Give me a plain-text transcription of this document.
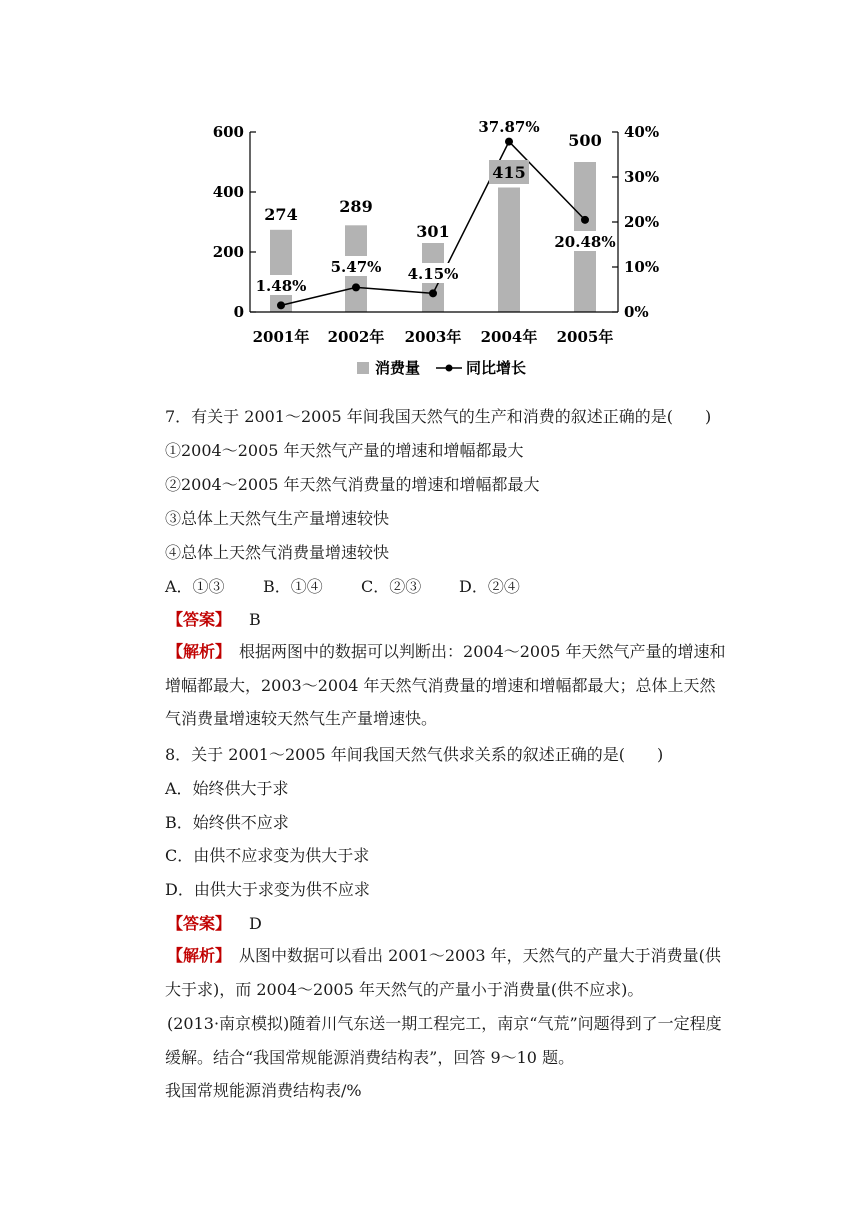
0
200
400
600
0%
10%
20%
30%
40%
2001年 2002年 2003年 2004年 2005年
274	289
301
415
500
1.48%
5.47% 4.15%
37.87%
20.48%
消费量	同比增长
7．有关于 2001～2005 年间我国天然气的生产和消费的叙述正确的是(　　)
①2004～2005 年天然气产量的增速和增幅都最大
②2004～2005 年天然气消费量的增速和增幅都最大
③总体上天然气生产量增速较快
④总体上天然气消费量增速较快
A．①③ B．①④ C．②③ D．②④
【答案】 B
【解析】　 根据两图中的数据可以判断出：2004～2005 年天然气产量的增速和增幅都最大，2003～2004 年天然气消费量的增速和增幅都最大；总体上天然气消费量增速较天然气生产量增速快。
8．关于 2001～2005 年间我国天然气供求关系的叙述正确的是(　　)
A．始终供大于求
B．始终供不应求
C．由供不应求变为供大于求
D．由供大于求变为供不应求
【答案】 D
【解析】　 从图中数据可以看出 2001～2003 年，天然气的产量大于消费量(供大于求)，而 2004～2005 年天然气的产量小于消费量(供不应求)。
(2013·南京模拟)随着川气东送一期工程完工，南京“气荒”问题得到了一定程度缓解。结合“我国常规能源消费结构表”，回答 9～10 题。
我国常规能源消费结构表/%
